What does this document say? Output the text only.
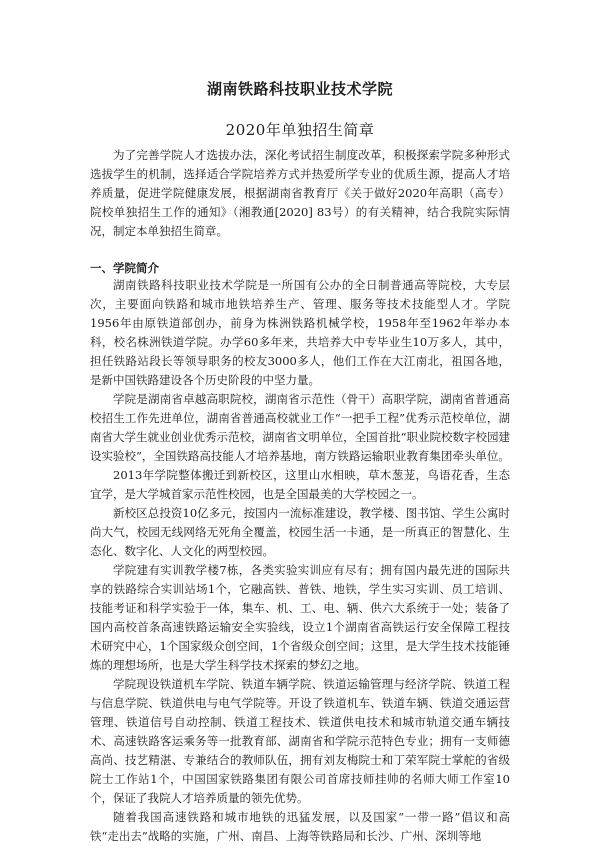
湖南铁路科技职业技术学院
2020年单独招生简章

为了完善学院人才选拔办法，深化考试招生制度改革，积极探索学院多种形式选拔学生的机制，选择适合学院培养方式并热爱所学专业的优质生源，提高人才培养质量，促进学院健康发展，根据湖南省教育厅《关于做好2020年高职（高专）院校单独招生工作的通知》（湘教通[2020] 83号）的有关精神，结合我院实际情况，制定本单独招生简章。

一、学院简介

湖南铁路科技职业技术学院是一所国有公办的全日制普通高等院校，大专层次，主要面向铁路和城市地铁培养生产、管理、服务等技术技能型人才。学院1956年由原铁道部创办，前身为株洲铁路机械学校，1958年至1962年举办本科，校名株洲铁道学院。办学60多年来，共培养大中专毕业生10万多人，其中，担任铁路站段长等领导职务的校友3000多人，他们工作在大江南北，祖国各地，是新中国铁路建设各个历史阶段的中坚力量。

学院是湖南省卓越高职院校，湖南省示范性（骨干）高职学院，湖南省普通高校招生工作先进单位，湖南省普通高校就业工作“一把手工程”优秀示范校单位，湖南省大学生就业创业优秀示范校，湖南省文明单位，全国首批“职业院校数字校园建设实验校”，全国铁路高技能人才培养基地，南方铁路运输职业教育集团牵头单位。

2013年学院整体搬迁到新校区，这里山水相映，草木葱茏，鸟语花香，生态宜学，是大学城首家示范性校园，也是全国最美的大学校园之一。

新校区总投资10亿多元，按国内一流标准建设，教学楼、图书馆、学生公寓时尚大气，校园无线网络无死角全覆盖，校园生活一卡通，是一所真正的智慧化、生态化、数字化、人文化的两型校园。

学院建有实训教学楼7栋，各类实验实训应有尽有；拥有国内最先进的国际共享的铁路综合实训站场1个，它融高铁、普铁、地铁，学生实习实训、员工培训、技能考证和科学实验于一体，集车、机、工、电、辆、供六大系统于一处；装备了国内高校首条高速铁路运输安全实验线，设立1个湖南省高铁运行安全保障工程技术研究中心，1个国家级众创空间，1个省级众创空间；这里，是大学生技术技能锤炼的理想场所，也是大学生科学技术探索的梦幻之地。

学院现设铁道机车学院、铁道车辆学院、铁道运输管理与经济学院、铁道工程与信息学院、铁道供电与电气学院等。开设了铁道机车、铁道车辆、铁道交通运营管理、铁道信号自动控制、铁道工程技术、铁道供电技术和城市轨道交通车辆技术、高速铁路客运乘务等一批教育部、湖南省和学院示范特色专业；拥有一支师德高尚、技艺精湛、专兼结合的教师队伍，拥有刘友梅院士和丁荣军院士掌舵的省级院士工作站1个，中国国家铁路集团有限公司首席技师挂帅的名师大师工作室10个，保证了我院人才培养质量的领先优势。

随着我国高速铁路和城市地铁的迅猛发展，以及国家“一带一路”倡议和高铁“走出去”战略的实施，广州、南昌、上海等铁路局和长沙、广州、深圳等地
